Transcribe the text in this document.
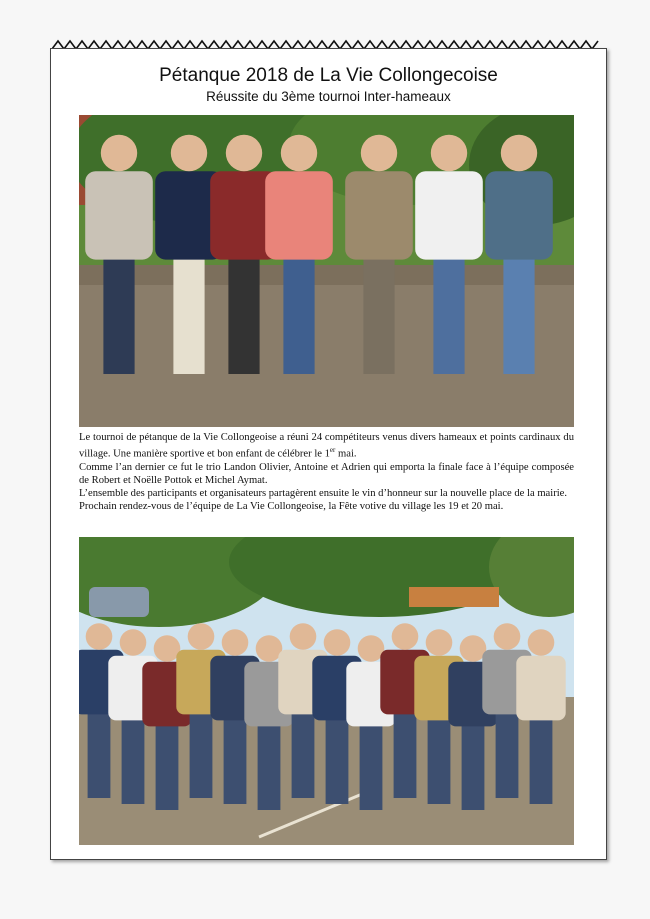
Pétanque 2018 de La Vie Collongecoise
Réussite du 3ème tournoi Inter-hameaux

Le tournoi de pétanque de la Vie Collongeoise a réuni 24 compétiteurs venus divers hameaux et points cardinaux du village. Une manière sportive et bon enfant de célébrer le 1er mai.

Comme l’an dernier ce fut le trio Landon Olivier, Antoine et Adrien qui emporta la finale face à l’équipe composée de Robert et Noëlle Pottok et Michel Aymat.

L’ensemble des participants et organisateurs partagèrent ensuite le vin d’honneur sur la nouvelle place de la mairie.

Prochain rendez-vous de l’équipe de La Vie Collongeoise, la Fête votive du village les 19 et 20 mai.
